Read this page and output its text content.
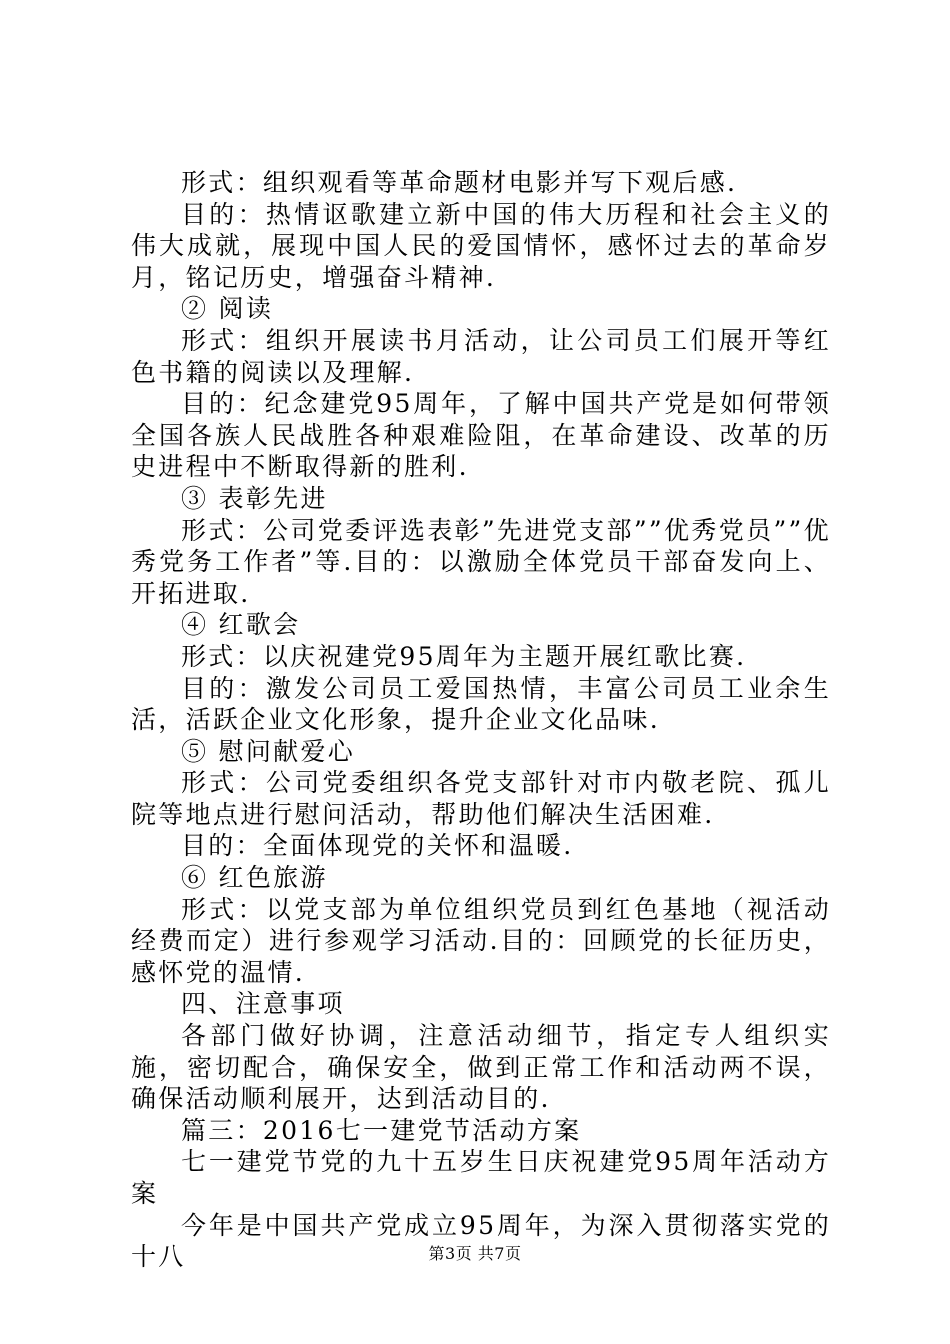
形式：组织观看等革命题材电影并写下观后感.

目的：热情讴歌建立新中国的伟大历程和社会主义的伟大成就，展现中国人民的爱国情怀，感怀过去的革命岁月，铭记历史，增强奋斗精神.

② 阅读

形式：组织开展读书月活动，让公司员工们展开等红色书籍的阅读以及理解.

目的：纪念建党95周年，了解中国共产党是如何带领全国各族人民战胜各种艰难险阻，在革命建设、改革的历史进程中不断取得新的胜利.

③ 表彰先进

形式：公司党委评选表彰”先进党支部””优秀党员””优秀党务工作者”等.目的：以激励全体党员干部奋发向上、开拓进取.

④ 红歌会

形式：以庆祝建党95周年为主题开展红歌比赛.

目的：激发公司员工爱国热情，丰富公司员工业余生活，活跃企业文化形象，提升企业文化品味.

⑤ 慰问献爱心

形式：公司党委组织各党支部针对市内敬老院、孤儿院等地点进行慰问活动，帮助他们解决生活困难.

目的：全面体现党的关怀和温暖.

⑥ 红色旅游

形式：以党支部为单位组织党员到红色基地（视活动经费而定）进行参观学习活动.目的：回顾党的长征历史，感怀党的温情.

四、注意事项

各部门做好协调，注意活动细节，指定专人组织实施，密切配合，确保安全，做到正常工作和活动两不误，确保活动顺利展开，达到活动目的.

篇三：2016七一建党节活动方案

七一建党节党的九十五岁生日庆祝建党95周年活动方案

今年是中国共产党成立95周年，为深入贯彻落实党的十八	第3页 共7页
